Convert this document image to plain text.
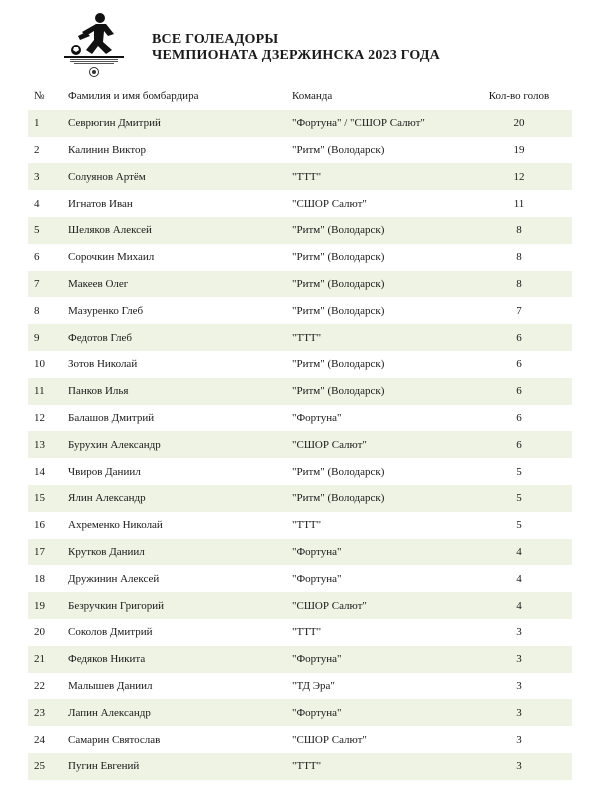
ВСЕ ГОЛЕАДОРЫ
ЧЕМПИОНАТА ДЗЕРЖИНСКА 2023 ГОДА
№	Фамилия и имя бомбардира	Команда	Кол-во голов
1	Севрюгин Дмитрий	"Фортуна" / "СШОР Салют"	20
2	Калинин Виктор	"Ритм" (Володарск)	19
3	Солуянов Артём	"ТТТ"	12
4	Игнатов Иван	"СШОР Салют"	11
5	Шеляков Алексей	"Ритм" (Володарск)	8
6	Сорочкин Михаил	"Ритм" (Володарск)	8
7	Макеев Олег	"Ритм" (Володарск)	8
8	Мазуренко Глеб	"Ритм" (Володарск)	7
9	Федотов Глеб	"ТТТ"	6
10	Зотов Николай	"Ритм" (Володарск)	6
11	Панков Илья	"Ритм" (Володарск)	6
12	Балашов Дмитрий	"Фортуна"	6
13	Бурухин Александр	"СШОР Салют"	6
14	Чвиров Даниил	"Ритм" (Володарск)	5
15	Ялин Александр	"Ритм" (Володарск)	5
16	Ахременко Николай	"ТТТ"	5
17	Крутков Даниил	"Фортуна"	4
18	Дружинин Алексей	"Фортуна"	4
19	Безручкин Григорий	"СШОР Салют"	4
20	Соколов Дмитрий	"ТТТ"	3
21	Федяков Никита	"Фортуна"	3
22	Малышев Даниил	"ТД Эра"	3
23	Лапин Александр	"Фортуна"	3
24	Самарин Святослав	"СШОР Салют"	3
25	Пугин Евгений	"ТТТ"	3
